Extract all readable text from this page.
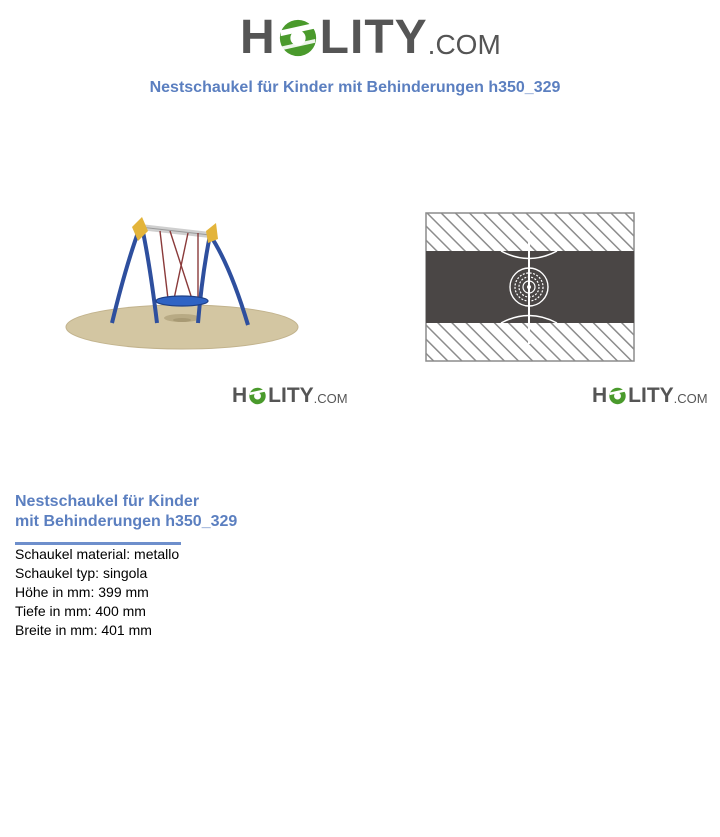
H LITY .COM
Nestschaukel für Kinder mit Behinderungen h350_329
H LITY .COM	H LITY .COM
Nestschaukel für Kinder
mit Behinderungen h350_329
Schaukel material: metallo
Schaukel typ: singola
Höhe in mm: 399 mm
Tiefe in mm: 400 mm
Breite in mm: 401 mm
